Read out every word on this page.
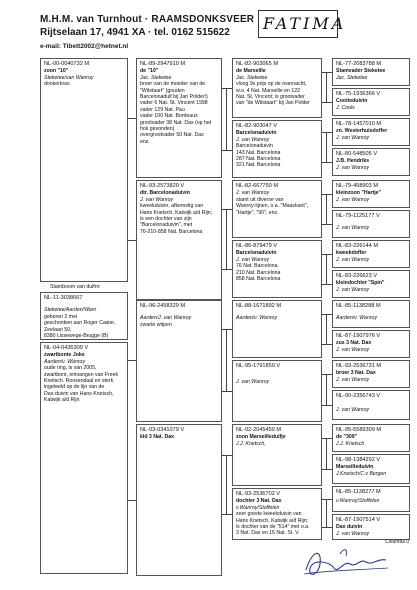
M.H.M. van Turnhout · RAAMSDONKSVEER
Rijtselaan 17, 4941 XA · tel. 0162 515622
e-mail: Tibett2002@hetnet.nl
FATIMA
NL-00-0040732 M
zoon "10"
Steketee/van Wanroy
donkerkras
Stamboom van duifnr:
NL-11-3038667
Steketee/Aarden/Wanr
geboren 2 mei
geschonken aan Roger Casier,
Zeelaan 50,
8380 Lissewege-Brugge (B)
NL-04-0436309 V
zwartbonte Joke
Aarden/v. Wanroy
oude ring, is van 2005,
zwartbont, ontvangen van Freek
Knetsch. Roosendaal en sterk
ingeteeld op de lijn van de
Dax-duivin van Hans Knetsch,
Katwijk a/d Rijn
NL-89-2947910 M
de "10"
Jac. Steketee
broer van de moeder van de
"Witstaart" (gouden
Barcelonaduif bij Jan Polder!)
vader 6 Nat. St. Vincent 1998
vader 129 Nat. Pau
vader 100 Nat. Bordeaux
grootvader 38 Nat. Dax (op het
hok gevonden)
overgrootvader 50 Nat. Dax
enz.
NL-93-2573820 V
dtr. Barcelonaduivin
J. van Wanroy
kweekduivin, afkomstig van
Hans Knetsch, Katwijk a/d Rijn;
is een dochter van zijn
"Barcelonaduivin", met
76-210-858 Nat. Barcelona
NL-96-2458329 M
Aarden/J. van Wanroy
zwarte witpen
NL-03-0341079 V
kld 3 Nat. Dax
NL-82-903065 M
de Marseille
Jac. Steketee
vloog 9x prijs op de overnacht,
w.o. 4 Nat. Marseille en 122
Nat. St. Vincent; is grootvader
van "de Witstaart" bij Jan Polder
NL-82-903047 V
Barcelonaduivin
J. van Wanroy
Barcelonaduivin
143 Nat. Barcelona
287 Nat. Barcelona
321 Nat. Barcelona
NL-82-667750 M
J. van Wanroy
stamt uit diverse van
Wanroy-lijnen, o.a. "Maaskant",
"Hartje", "90", enz.
NL-86-879479 V
Barcelonaduivin
J. van Wanroy
76 Nat. Barcelona
210 Nat. Barcelona
858 Nat. Barcelona
NL-88-1671892 M
Aarden/v. Wanroy
NL-95-1791850 V
J. van Wanroy
NL-02-2045459 M
zoon Marseilleduifje
J.J. Knetsch,
NL-93-2536702 V
dochter 3 Nat. Dax
v.Wanroy/Stoffelen
zeer goede kweekduivin van
Hans Knetsch, Katwijk a/d Rijn;
is dochter van de "514" met o.a.
3 Nat. Dax en 15 Nat. St. V.
NL-77-2083788 M
Stamvader Steketee
Jac. Steketee
NL-75-1936366 V
Cooiteduivin
J. Cools
NL-78-1457010 M
zn. Westerhuisdoffer
J. van Wanroy
NL-80-548505 V
J.B. Hendriks
J. van Wanroy
NL-79-458903 M
kleinzoon "Hartje"
J. van Wanroy
NL-79-1125177 V
J. van Wanroy
NL-83-226144 M
kweekdoffer
J. van Wanroy
NL-83-226623 V
kleindochter "Spin"
J. van Wanroy
NL-85-1138288 M
Aarden/v. Wanroy
NL-87-1907976 V
zus 3 Nat. Dax
J. van Wanroy
NL-93-2536731 M
broer 3 Nat. Dax
J. van Wanroy
NL-90-2356743 V
J. van Wanroy
NL-95-5589309 M
de "309"
J.J. Knetsch
NL-98-1384292 V
Marseilleduivin
J.Knetsch/C.v Bergen
NL-85-1138277 M
v.Wanroy/Stoffelen
NL-87-1907514 V
Dax duivin
J. van Wanroy
Columba 0
